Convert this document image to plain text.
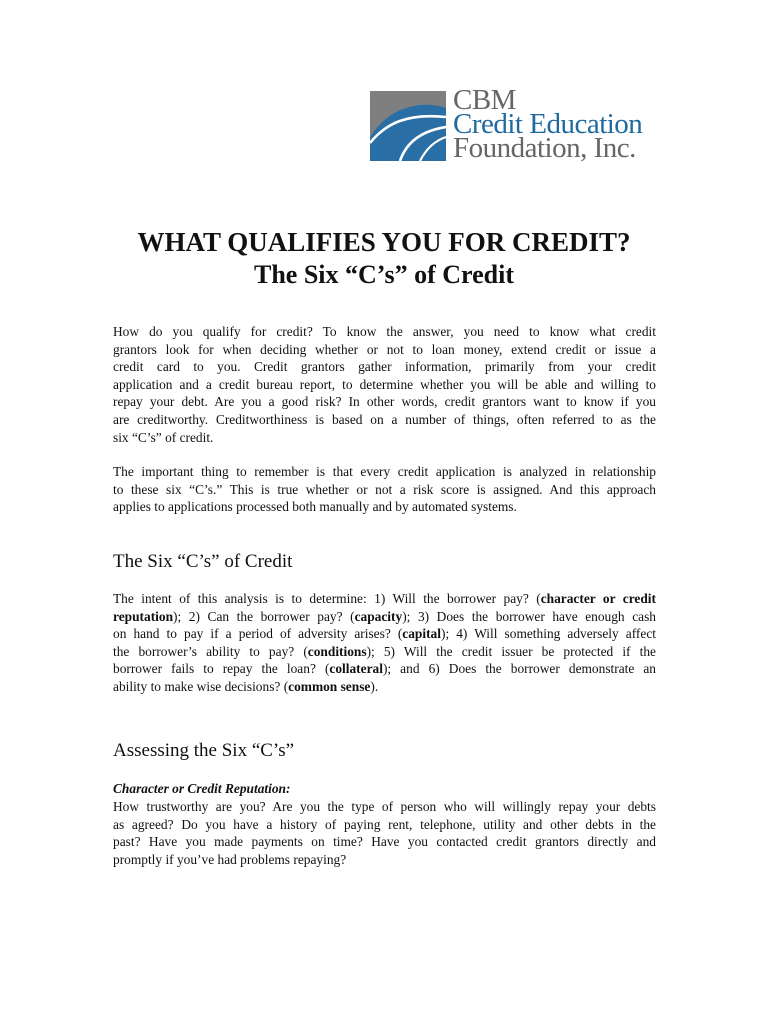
CBM
Credit Education
Foundation, Inc.
WHAT QUALIFIES YOU FOR CREDIT?
The Six “C’s” of Credit

How do you qualify for credit? To know the answer, you need to know what credit
grantors look for when deciding whether or not to loan money, extend credit or issue a
credit card to you. Credit grantors gather information, primarily from your credit
application and a credit bureau report, to determine whether you will be able and willing to
repay your debt. Are you a good risk? In other words, credit grantors want to know if you
are creditworthy. Creditworthiness is based on a number of things, often referred to as the
six “C’s” of credit.

The important thing to remember is that every credit application is analyzed in relationship
to these six “C’s.” This is true whether or not a risk score is assigned. And this approach
applies to applications processed both manually and by automated systems.

The Six “C’s” of Credit

The intent of this analysis is to determine: 1) Will the borrower pay? (character or credit
reputation); 2) Can the borrower pay? (capacity); 3) Does the borrower have enough cash
on hand to pay if a period of adversity arises? (capital); 4) Will something adversely affect
the borrower’s ability to pay? (conditions); 5) Will the credit issuer be protected if the
borrower fails to repay the loan? (collateral); and 6) Does the borrower demonstrate an
ability to make wise decisions? (common sense).

Assessing the Six “C’s”

Character or Credit Reputation:

How trustworthy are you? Are you the type of person who will willingly repay your debts
as agreed? Do you have a history of paying rent, telephone, utility and other debts in the
past? Have you made payments on time? Have you contacted credit grantors directly and
promptly if you’ve had problems repaying?
